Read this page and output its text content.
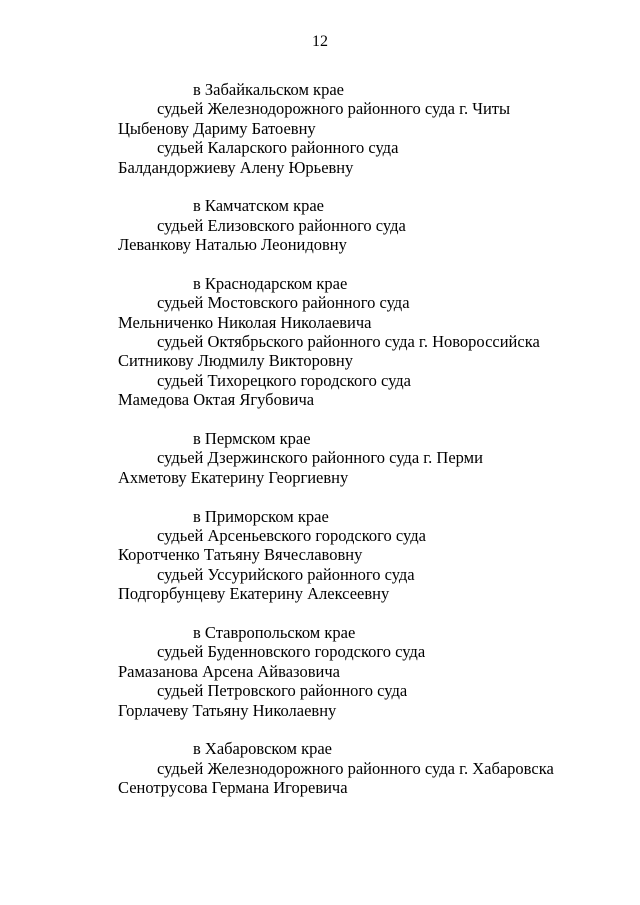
12
в Забайкальском крае
судьей Железнодорожного районного суда г. Читы
Цыбенову Дариму Батоевну
судьей Каларского районного суда
Балдандоржиеву Алену Юрьевну
в Камчатском крае
судьей Елизовского районного суда
Леванкову Наталью Леонидовну
в Краснодарском крае
судьей Мостовского районного суда
Мельниченко Николая Николаевича
судьей Октябрьского районного суда г. Новороссийска
Ситникову Людмилу Викторовну
судьей Тихорецкого городского суда
Мамедова Октая Ягубовича
в Пермском крае
судьей Дзержинского районного суда г. Перми
Ахметову Екатерину Георгиевну
в Приморском крае
судьей Арсеньевского городского суда
Коротченко Татьяну Вячеславовну
судьей Уссурийского районного суда
Подгорбунцеву Екатерину Алексеевну
в Ставропольском крае
судьей Буденновского городского суда
Рамазанова Арсена Айвазовича
судьей Петровского районного суда
Горлачеву Татьяну Николаевну
в Хабаровском крае
судьей Железнодорожного районного суда г. Хабаровска
Сенотрусова Германа Игоревича
